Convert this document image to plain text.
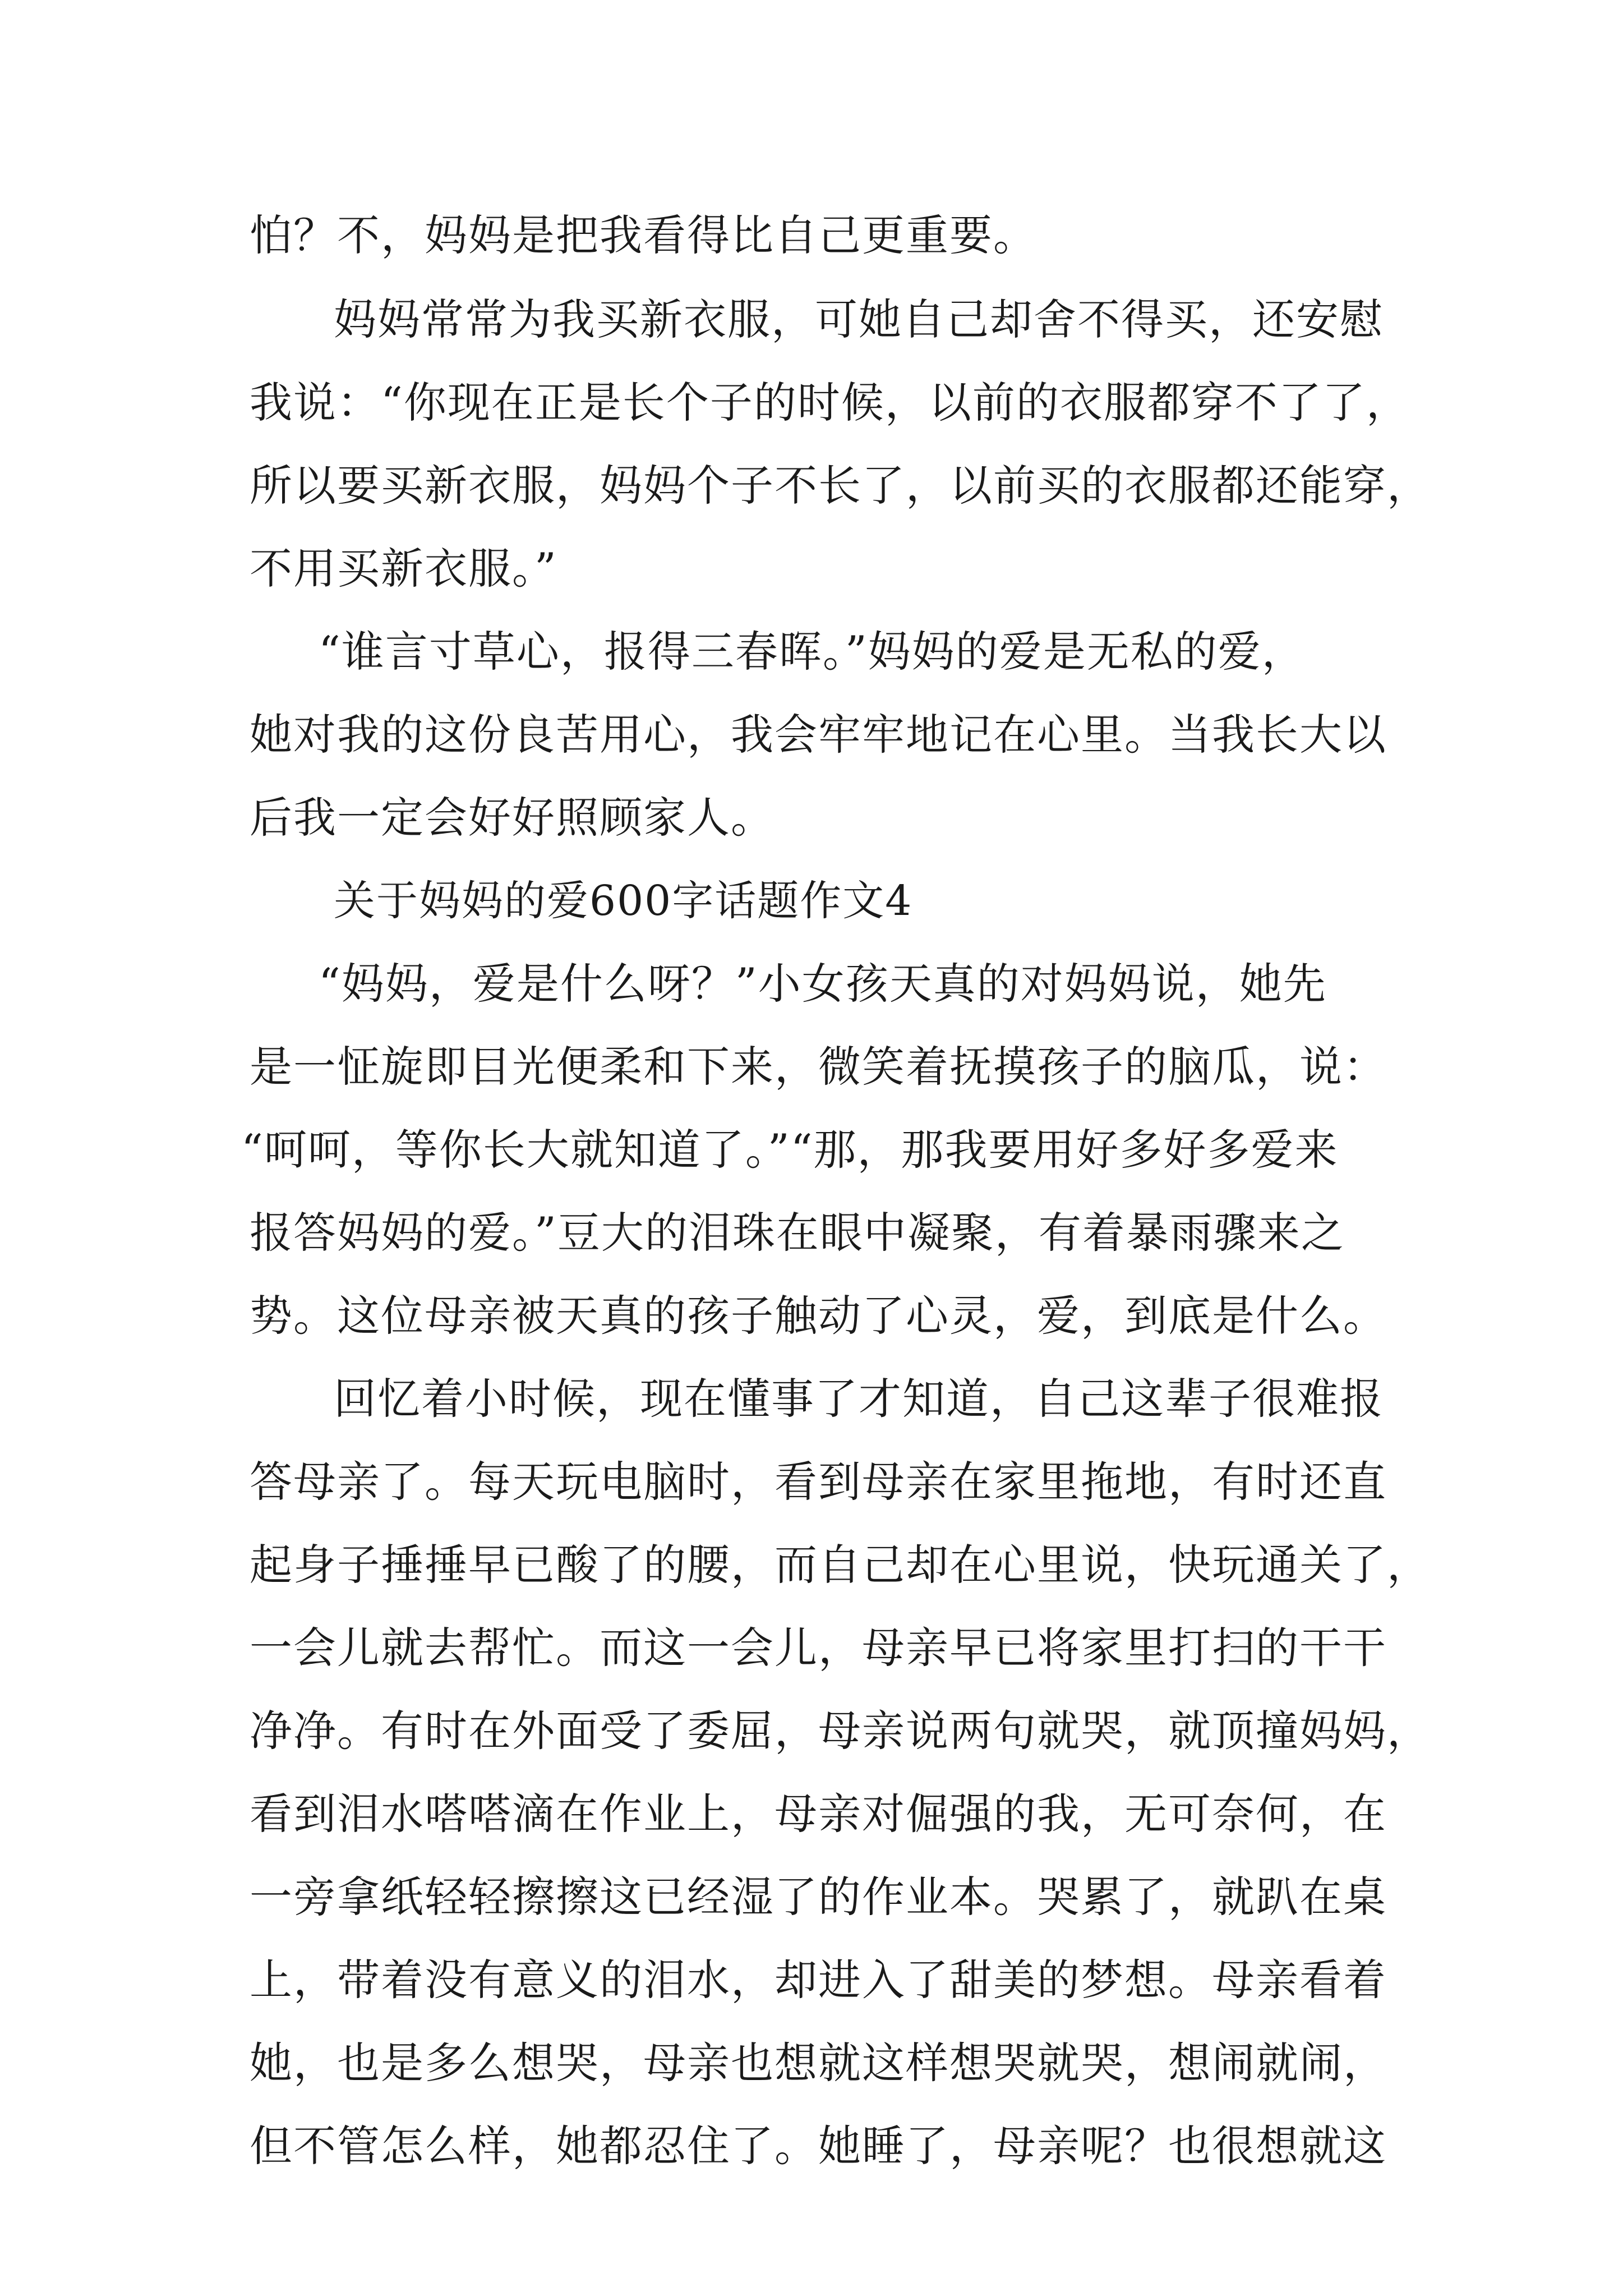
怕？不，妈妈是把我看得比自己更重要。
妈妈常常为我买新衣服，可她自己却舍不得买，还安慰
我说：“你现在正是长个子的时候，以前的衣服都穿不了了，
所以要买新衣服，妈妈个子不长了，以前买的衣服都还能穿，
不用买新衣服。”
“谁言寸草心，报得三春晖。”妈妈的爱是无私的爱，
她对我的这份良苦用心，我会牢牢地记在心里。当我长大以
后我一定会好好照顾家人。
关于妈妈的爱600字话题作文4
“妈妈，爱是什么呀？”小女孩天真的对妈妈说，她先
是一怔旋即目光便柔和下来，微笑着抚摸孩子的脑瓜，说：
“呵呵，等你长大就知道了。”“那，那我要用好多好多爱来
报答妈妈的爱。”豆大的泪珠在眼中凝聚，有着暴雨骤来之
势。这位母亲被天真的孩子触动了心灵，爱，到底是什么。
回忆着小时候，现在懂事了才知道，自己这辈子很难报
答母亲了。每天玩电脑时，看到母亲在家里拖地，有时还直
起身子捶捶早已酸了的腰，而自己却在心里说，快玩通关了，
一会儿就去帮忙。而这一会儿，母亲早已将家里打扫的干干
净净。有时在外面受了委屈，母亲说两句就哭，就顶撞妈妈，
看到泪水嗒嗒滴在作业上，母亲对倔强的我，无可奈何，在
一旁拿纸轻轻擦擦这已经湿了的作业本。哭累了，就趴在桌
上，带着没有意义的泪水，却进入了甜美的梦想。母亲看着
她，也是多么想哭，母亲也想就这样想哭就哭，想闹就闹，
但不管怎么样，她都忍住了。她睡了，母亲呢？也很想就这
